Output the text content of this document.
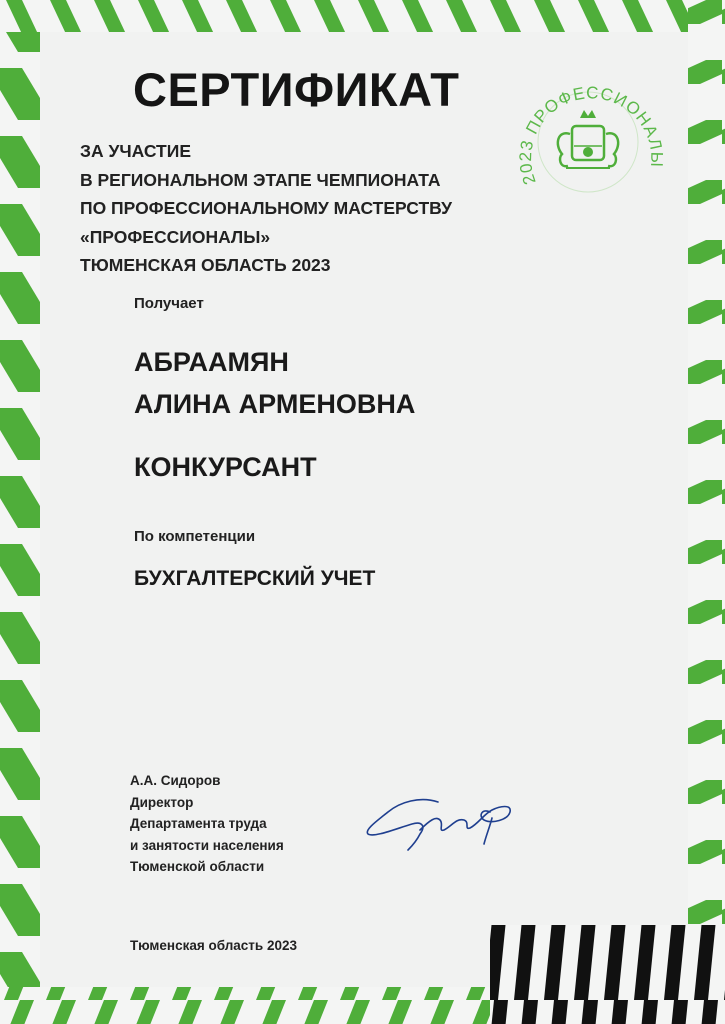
2023 ПРОФЕССИОНАЛЫ
СЕРТИФИКАТ
ЗА УЧАСТИЕ
В РЕГИОНАЛЬНОМ ЭТАПЕ ЧЕМПИОНАТА
ПО ПРОФЕССИОНАЛЬНОМУ МАСТЕРСТВУ
«ПРОФЕССИОНАЛЫ»
ТЮМЕНСКАЯ ОБЛАСТЬ 2023
Получает
АБРААМЯН
АЛИНА АРМЕНОВНА
КОНКУРСАНТ
По компетенции
БУХГАЛТЕРСКИЙ УЧЕТ
А.А. Сидоров
Директор
Департамента труда
и занятости населения
Тюменской области
Тюменская область 2023
